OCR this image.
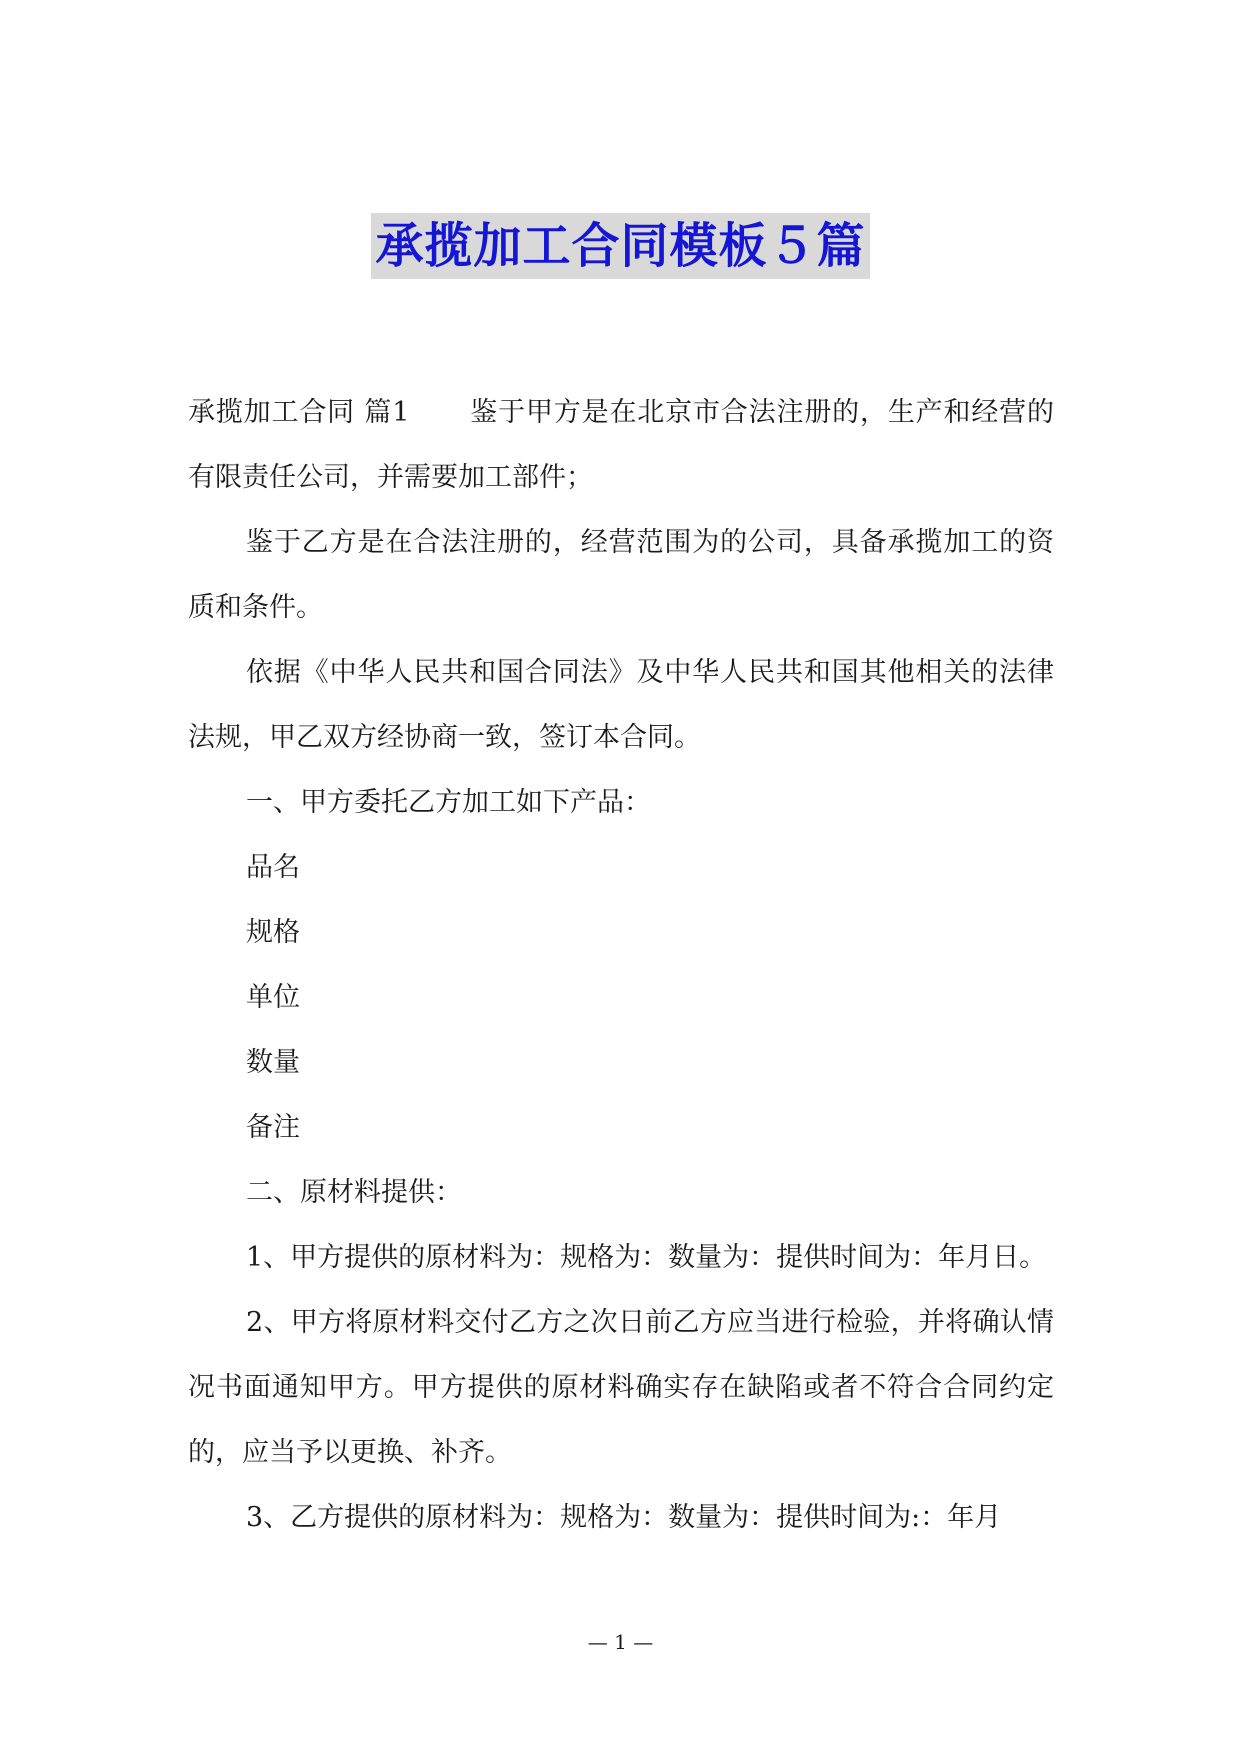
承揽加工合同模板５篇

承揽加工合同 篇1 鉴于甲方是在北京市合法注册的，生产和经营的有限责任公司，并需要加工部件；

鉴于乙方是在合法注册的，经营范围为的公司，具备承揽加工的资质和条件。

依据《中华人民共和国合同法》及中华人民共和国其他相关的法律法规，甲乙双方经协商一致，签订本合同。

一、甲方委托乙方加工如下产品：

品名

规格

单位

数量

备注

二、原材料提供：

1、甲方提供的原材料为：规格为：数量为：提供时间为：年月日。

2、甲方将原材料交付乙方之次日前乙方应当进行检验，并将确认情况书面通知甲方。甲方提供的原材料确实存在缺陷或者不符合合同约定的，应当予以更换、补齐。

3、乙方提供的原材料为：规格为：数量为：提供时间为:：年月

— 1 —
